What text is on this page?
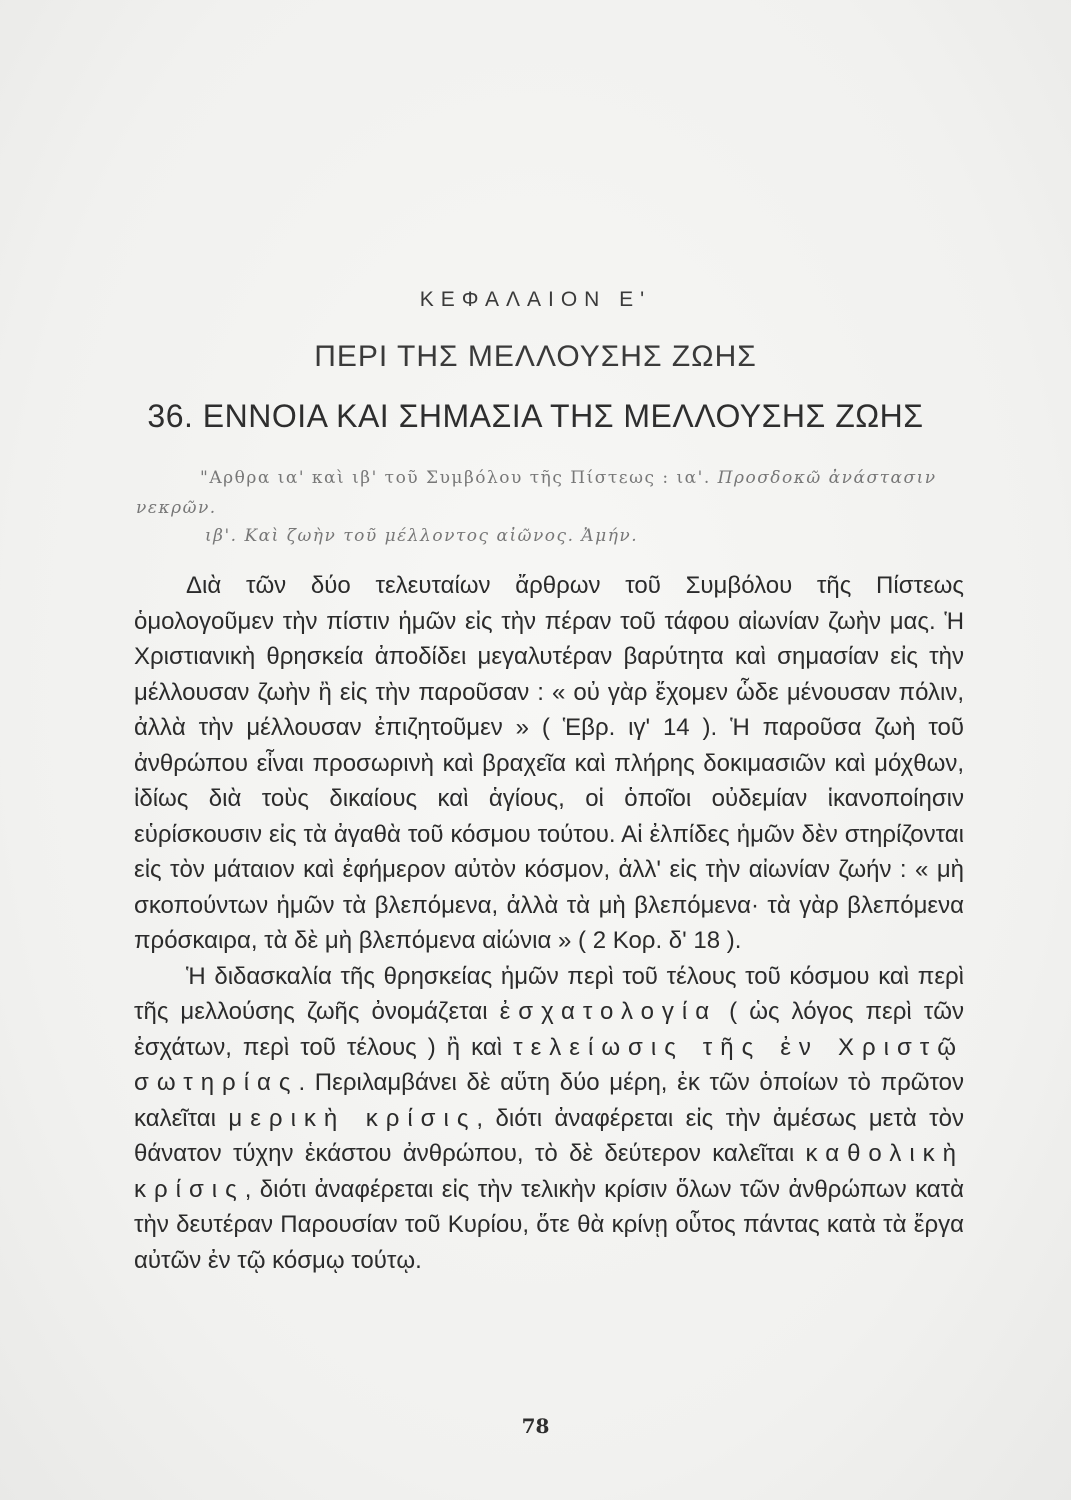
ΚΕΦΑΛΑΙΟΝ Ε'
ΠΕΡΙ ΤΗΣ ΜΕΛΛΟΥΣΗΣ ΖΩΗΣ
36. ΕΝΝΟΙΑ ΚΑΙ ΣΗΜΑΣΙΑ ΤΗΣ ΜΕΛΛΟΥΣΗΣ ΖΩΗΣ
"Αρθρα ια' καὶ ιβ' τοῦ Συμβόλου τῆς Πίστεως : ια'. Προσδοκῶ ἀνάστασιν
νεκρῶν.
ιβ'. Καὶ ζωὴν τοῦ μέλλοντος αἰῶνος. Ἀμήν.

Διὰ τῶν δύο τελευταίων ἄρθρων τοῦ Συμβόλου τῆς Πίστεως ὁμολογοῦμεν τὴν πίστιν ἡμῶν εἰς τὴν πέραν τοῦ τάφου αἰωνίαν ζωὴν μας. Ἡ Χριστιανικὴ θρησκεία ἀποδίδει μεγαλυτέραν βαρύτητα καὶ σημασίαν εἰς τὴν μέλλουσαν ζωὴν ἢ εἰς τὴν παροῦσαν : « οὐ γὰρ ἔχομεν ὧδε μένουσαν πόλιν, ἀλλὰ τὴν μέλλουσαν ἐπιζητοῦμεν » ( Ἑβρ. ιγ' 14 ). Ἡ παροῦσα ζωὴ τοῦ ἀνθρώπου εἶναι προσωρινὴ καὶ βραχεῖα καὶ πλήρης δοκιμασιῶν καὶ μόχθων, ἰδίως διὰ τοὺς δικαίους καὶ ἁγίους, οἱ ὁποῖοι οὐδεμίαν ἱκανοποίησιν εὑρίσκουσιν εἰς τὰ ἀγαθὰ τοῦ κόσμου τούτου. Αἱ ἐλπίδες ἡμῶν δὲν στηρίζονται εἰς τὸν μάταιον καὶ ἐφήμερον αὐτὸν κόσμον, ἀλλ' εἰς τὴν αἰωνίαν ζωήν : « μὴ σκοπούντων ἡμῶν τὰ βλεπόμενα, ἀλλὰ τὰ μὴ βλεπόμενα· τὰ γὰρ βλεπόμενα πρόσκαιρα, τὰ δὲ μὴ βλεπόμενα αἰώνια » ( 2 Κορ. δ' 18 ).

Ἡ διδασκαλία τῆς θρησκείας ἡμῶν περὶ τοῦ τέλους τοῦ κόσμου καὶ περὶ τῆς μελλούσης ζωῆς ὀνομάζεται ἐσχατολογία ( ὡς λόγος περὶ τῶν ἐσχάτων, περὶ τοῦ τέλους ) ἢ καὶ τελείωσις τῆς ἐν Χριστῷ σωτηρίας. Περιλαμβάνει δὲ αὕτη δύο μέρη, ἐκ τῶν ὁποίων τὸ πρῶτον καλεῖται μερικὴ κρίσις, διότι ἀναφέρεται εἰς τὴν ἀμέσως μετὰ τὸν θάνατον τύχην ἑκάστου ἀνθρώπου, τὸ δὲ δεύτερον καλεῖται καθολικὴ κρίσις, διότι ἀναφέρεται εἰς τὴν τελικὴν κρίσιν ὅλων τῶν ἀνθρώπων κατὰ τὴν δευτέραν Παρουσίαν τοῦ Κυρίου, ὅτε θὰ κρίνῃ οὗτος πάντας κατὰ τὰ ἔργα αὐτῶν ἐν τῷ κόσμῳ τούτῳ.

78
